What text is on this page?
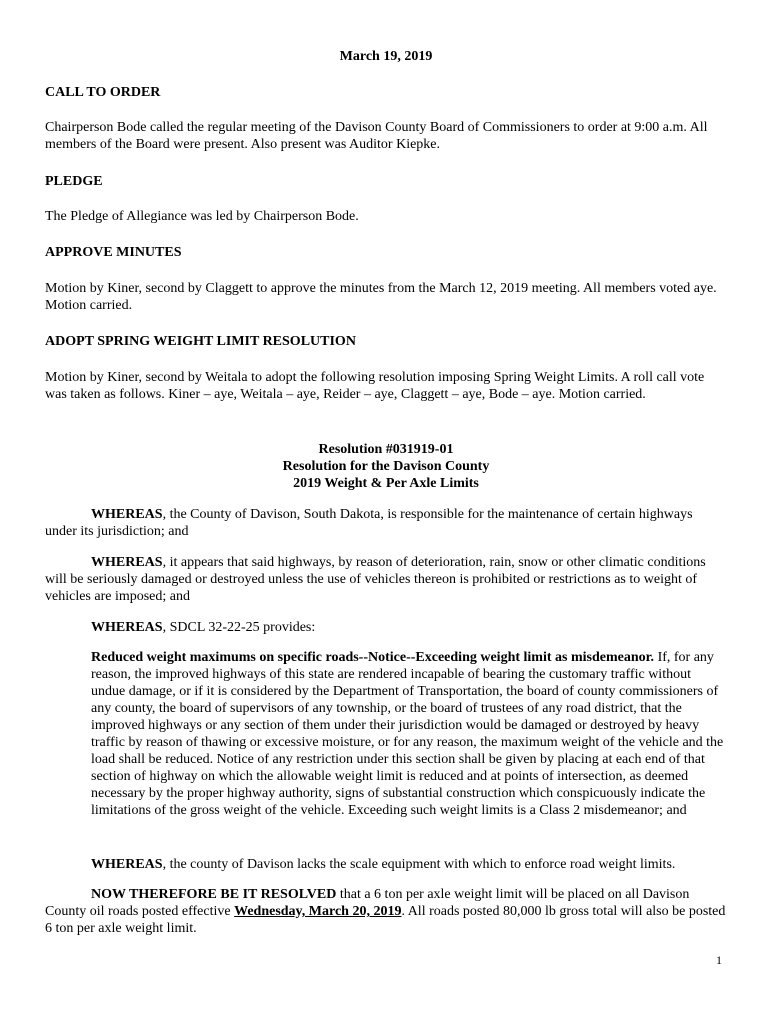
March 19, 2019
CALL TO ORDER
Chairperson Bode called the regular meeting of the Davison County Board of Commissioners to order at 9:00 a.m. All members of the Board were present. Also present was Auditor Kiepke.
PLEDGE
The Pledge of Allegiance was led by Chairperson Bode.
APPROVE MINUTES
Motion by Kiner, second by Claggett to approve the minutes from the March 12, 2019 meeting. All members voted aye. Motion carried.
ADOPT SPRING WEIGHT LIMIT RESOLUTION
Motion by Kiner, second by Weitala to adopt the following resolution imposing Spring Weight Limits. A roll call vote was taken as follows. Kiner – aye, Weitala – aye, Reider – aye, Claggett – aye, Bode – aye. Motion carried.
Resolution #031919-01
Resolution for the Davison County
2019 Weight & Per Axle Limits
WHEREAS, the County of Davison, South Dakota, is responsible for the maintenance of certain highways under its jurisdiction; and
WHEREAS, it appears that said highways, by reason of deterioration, rain, snow or other climatic conditions will be seriously damaged or destroyed unless the use of vehicles thereon is prohibited or restrictions as to weight of vehicles are imposed; and
WHEREAS, SDCL 32-22-25 provides:
Reduced weight maximums on specific roads--Notice--Exceeding weight limit as misdemeanor. If, for any reason, the improved highways of this state are rendered incapable of bearing the customary traffic without undue damage, or if it is considered by the Department of Transportation, the board of county commissioners of any county, the board of supervisors of any township, or the board of trustees of any road district, that the improved highways or any section of them under their jurisdiction would be damaged or destroyed by heavy traffic by reason of thawing or excessive moisture, or for any reason, the maximum weight of the vehicle and the load shall be reduced. Notice of any restriction under this section shall be given by placing at each end of that section of highway on which the allowable weight limit is reduced and at points of intersection, as deemed necessary by the proper highway authority, signs of substantial construction which conspicuously indicate the limitations of the gross weight of the vehicle. Exceeding such weight limits is a Class 2 misdemeanor; and
WHEREAS, the county of Davison lacks the scale equipment with which to enforce road weight limits.
NOW THEREFORE BE IT RESOLVED that a 6 ton per axle weight limit will be placed on all Davison County oil roads posted effective Wednesday, March 20, 2019. All roads posted 80,000 lb gross total will also be posted 6 ton per axle weight limit.
1
